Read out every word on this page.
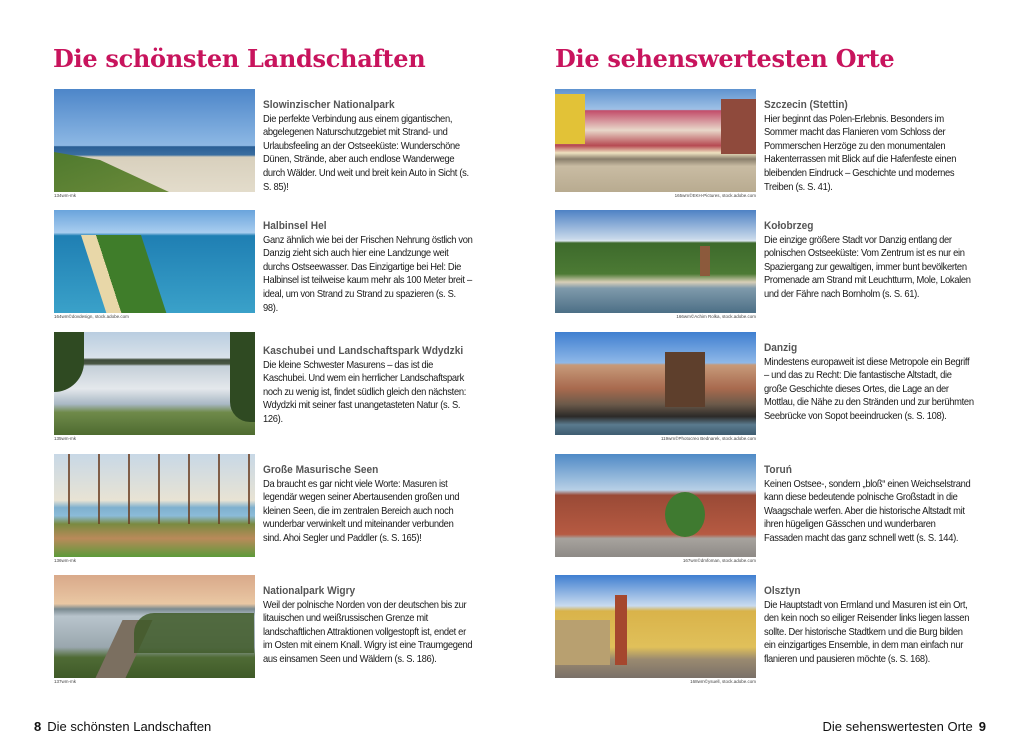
Die schönsten Landschaften	Die sehenswertesten Orte
134wm-mk
Slowinzischer Nationalpark
Die perfekte Verbindung aus einem gigantischen, abgelegenen Naturschutzgebiet mit Strand- und Urlaubsfeeling an der Ostseeküste: Wunderschöne Dünen, Strände, aber auch endlose Wanderwege durch Wälder. Und weit und breit kein Auto in Sicht (s. S. 85)!
164wm©dovdesign, stock.adobe.com
Halbinsel Hel
Ganz ähnlich wie bei der Frischen Nehrung östlich von Danzig zieht sich auch hier eine Landzunge weit durchs Ostseewasser. Das Einzigartige bei Hel: Die Halbinsel ist teilweise kaum mehr als 100 Meter breit – ideal, um von Strand zu Strand zu spazieren (s. S. 98).
135wm-mk
Kaschubei und Landschaftspark Wdydzki
Die kleine Schwester Masurens – das ist die Kaschubei. Und wem ein herrlicher Landschaftspark noch zu wenig ist, findet südlich gleich den nächsten: Wdydzki mit seiner fast unangetasteten Natur (s. S. 126).
136wm-mk
Große Masurische Seen
Da braucht es gar nicht viele Worte: Masuren ist legendär wegen seiner Abertausenden großen und kleinen Seen, die im zentralen Bereich auch noch wunderbar verwinkelt und miteinander verbunden sind. Ahoi Segler und Paddler (s. S. 165)!
137wm-mk
Nationalpark Wigry
Weil der polnische Norden von der deutschen bis zur litauischen und weißrussischen Grenze mit landschaftlichen Attraktionen vollgestopft ist, endet er im Osten mit einem Knall. Wigry ist eine Traumgegend aus einsamen Seen und Wäldern (s. S. 186).
165wm©EKH-Pictures, stock.adobe.com
Szczecin (Stettin)
Hier beginnt das Polen-Erlebnis. Besonders im Sommer macht das Flanieren vom Schloss der Pommerschen Herzöge zu den monumentalen Hakenterrassen mit Blick auf die Hafenfeste einen bleibenden Eindruck – Geschichte und modernes Treiben (s. S. 41).
166wm©Achim Rolka, stock.adobe.com
Kołobrzeg
Die einzige größere Stadt vor Danzig entlang der polnischen Ostseeküste: Vom Zentrum ist es nur ein Spaziergang zur gewaltigen, immer bunt bevölkerten Promenade am Strand mit Leuchtturm, Mole, Lokalen und der Fähre nach Bornholm (s. S. 61).
119wm©Photocreo Bednarek, stock.adobe.com
Danzig
Mindestens europaweit ist diese Metropole ein Begriff – und das zu Recht: Die fantastische Altstadt, die große Geschichte dieses Ortes, die Lage an der Mottlau, die Nähe zu den Stränden und zur berühmten Seebrücke von Sopot beeindrucken (s. S. 108).
167wm©dmfoman, stock.adobe.com
Toruń
Keinen Ostsee-, sondern „bloß“ einen Weichselstrand kann diese bedeutende polnische Großstadt in die Waagschale werfen. Aber die historische Altstadt mit ihren hügeligen Gässchen und wunderbaren Fassaden macht das ganz schnell wett (s. S. 144).
168wm©ysuell, stock.adobe.com
Olsztyn
Die Hauptstadt von Ermland und Masuren ist ein Ort, den kein noch so eiliger Reisender links liegen lassen sollte. Der historische Stadtkern und die Burg bilden ein einzigartiges Ensemble, in dem man einfach nur flanieren und pausieren möchte (s. S. 168).
8 Die schönsten Landschaften	Die sehenswertesten Orte 9
